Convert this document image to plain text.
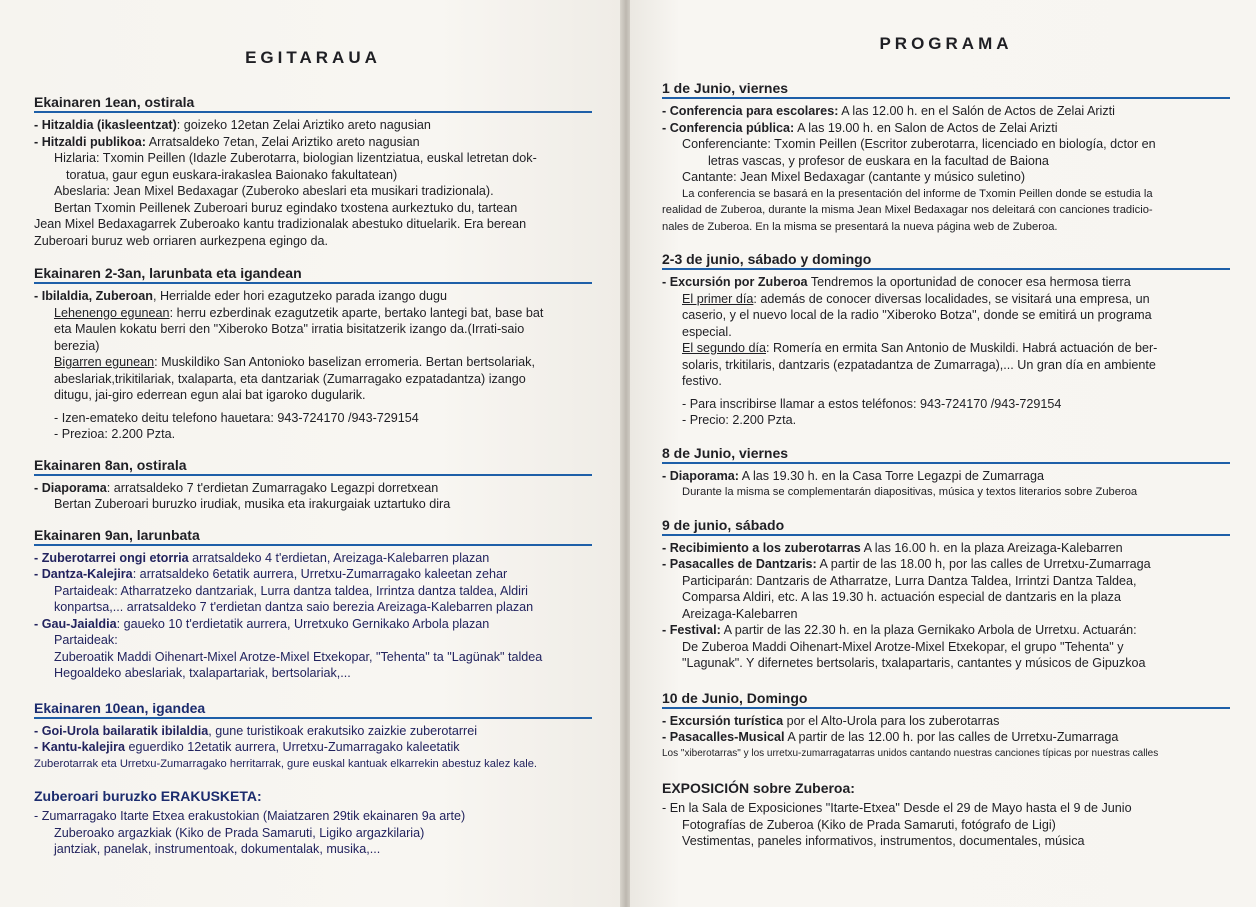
EGITARAUA
Ekainaren 1ean, ostirala
- Hitzaldia (ikasleentzat): goizeko 12etan Zelai Ariztiko areto nagusian
- Hitzaldi publikoa: Arratsaldeko 7etan, Zelai Ariztiko areto nagusian
Hizlaria: Txomin Peillen (Idazle Zuberotarra, biologian lizentziatua, euskal letretan dok-
toratua, gaur egun euskara-irakaslea Baionako fakultatean)
Abeslaria: Jean Mixel Bedaxagar (Zuberoko abeslari eta musikari tradizionala).
Bertan Txomin Peillenek Zuberoari buruz egindako txostena aurkeztuko du, tartean
Jean Mixel Bedaxagarrek Zuberoako kantu tradizionalak abestuko dituelarik. Era berean
Zuberoari buruz web orriaren aurkezpena egingo da.
Ekainaren 2-3an, larunbata eta igandean
- Ibilaldia, Zuberoan, Herrialde eder hori ezagutzeko parada izango dugu
Lehenengo egunean: herru ezberdinak ezagutzetik aparte, bertako lantegi bat, base bat
eta Maulen kokatu berri den "Xiberoko Botza" irratia bisitatzerik izango da.(Irrati-saio
berezia)
Bigarren egunean: Muskildiko San Antonioko baselizan erromeria. Bertan bertsolariak,
abeslariak,trikitilariak, txalaparta, eta dantzariak (Zumarragako ezpatadantza) izango
ditugu, jai-giro ederrean egun alai bat igaroko dugularik.
- Izen-emateko deitu telefono hauetara: 943-724170 /943-729154
- Prezioa: 2.200 Pzta.
Ekainaren 8an, ostirala
- Diaporama: arratsaldeko 7 t'erdietan Zumarragako Legazpi dorretxean
Bertan Zuberoari buruzko irudiak, musika eta irakurgaiak uztartuko dira
Ekainaren 9an, larunbata
- Zuberotarrei ongi etorria arratsaldeko 4 t'erdietan, Areizaga-Kalebarren plazan
- Dantza-Kalejira: arratsaldeko 6etatik aurrera, Urretxu-Zumarragako kaleetan zehar
Partaideak: Atharratzeko dantzariak, Lurra dantza taldea, Irrintza dantza taldea, Aldiri
konpartsa,... arratsaldeko 7 t'erdietan dantza saio berezia Areizaga-Kalebarren plazan
- Gau-Jaialdia: gaueko 10 t'erdietatik aurrera, Urretxuko Gernikako Arbola plazan
Partaideak:
Zuberoatik Maddi Oihenart-Mixel Arotze-Mixel Etxekopar, "Tehenta" ta "Lagünak" taldea
Hegoaldeko abeslariak, txalapartariak, bertsolariak,...
Ekainaren 10ean, igandea
- Goi-Urola bailaratik ibilaldia, gune turistikoak erakutsiko zaizkie zuberotarrei
- Kantu-kalejira eguerdiko 12etatik aurrera, Urretxu-Zumarragako kaleetatik
Zuberotarrak eta Urretxu-Zumarragako herritarrak, gure euskal kantuak elkarrekin abestuz kalez kale.
Zuberoari buruzko ERAKUSKETA:
- Zumarragako Itarte Etxea erakustokian (Maiatzaren 29tik ekainaren 9a arte)
Zuberoako argazkiak (Kiko de Prada Samaruti, Ligiko argazkilaria)
jantziak, panelak, instrumentoak, dokumentalak, musika,...
PROGRAMA
1 de Junio, viernes
- Conferencia para escolares: A las 12.00 h. en el Salón de Actos de Zelai Arizti
- Conferencia pública: A las 19.00 h. en Salon de Actos de Zelai Arizti
Conferenciante: Txomin Peillen (Escritor zuberotarra, licenciado en biología, dctor en
letras vascas, y profesor de euskara en la facultad de Baiona
Cantante: Jean Mixel Bedaxagar (cantante y músico suletino)
La conferencia se basará en la presentación del informe de Txomin Peillen donde se estudia la
realidad de Zuberoa, durante la misma Jean Mixel Bedaxagar nos deleitará con canciones tradicio-
nales de Zuberoa. En la misma se presentará la nueva página web de Zuberoa.
2-3 de junio, sábado y domingo
- Excursión por Zuberoa Tendremos la oportunidad de conocer esa hermosa tierra
El primer día: además de conocer diversas localidades, se visitará una empresa, un
caserio, y el nuevo local de la radio "Xiberoko Botza", donde se emitirá un programa
especial.
El segundo día: Romería en ermita San Antonio de Muskildi. Habrá actuación de ber-
solaris, trkitilaris, dantzaris (ezpatadantza de Zumarraga),... Un gran día en ambiente
festivo.
- Para inscribirse llamar a estos teléfonos: 943-724170 /943-729154
- Precio: 2.200 Pzta.
8 de Junio, viernes
- Diaporama: A las 19.30 h. en la Casa Torre Legazpi de Zumarraga
Durante la misma se complementarán diapositivas, música y textos literarios sobre Zuberoa
9 de junio, sábado
- Recibimiento a los zuberotarras A las 16.00 h. en la plaza Areizaga-Kalebarren
- Pasacalles de Dantzaris: A partir de las 18.00 h, por las calles de Urretxu-Zumarraga
Participarán: Dantzaris de Atharratze, Lurra Dantza Taldea, Irrintzi Dantza Taldea,
Comparsa Aldiri, etc. A las 19.30 h. actuación especial de dantzaris en la plaza
Areizaga-Kalebarren
- Festival: A partir de las 22.30 h. en la plaza Gernikako Arbola de Urretxu. Actuarán:
De Zuberoa Maddi Oihenart-Mixel Arotze-Mixel Etxekopar, el grupo "Tehenta" y
"Lagunak". Y difernetes bertsolaris, txalapartaris, cantantes y músicos de Gipuzkoa
10 de Junio, Domingo
- Excursión turística por el Alto-Urola para los zuberotarras
- Pasacalles-Musical A partir de las 12.00 h. por las calles de Urretxu-Zumarraga
Los "xiberotarras" y los urretxu-zumarragatarras unidos cantando nuestras canciones típicas por nuestras calles
EXPOSICIÓN sobre Zuberoa:
- En la Sala de Exposiciones "Itarte-Etxea" Desde el 29 de Mayo hasta el 9 de Junio
Fotografías de Zuberoa (Kiko de Prada Samaruti, fotógrafo de Ligi)
Vestimentas, paneles informativos, instrumentos, documentales, música
